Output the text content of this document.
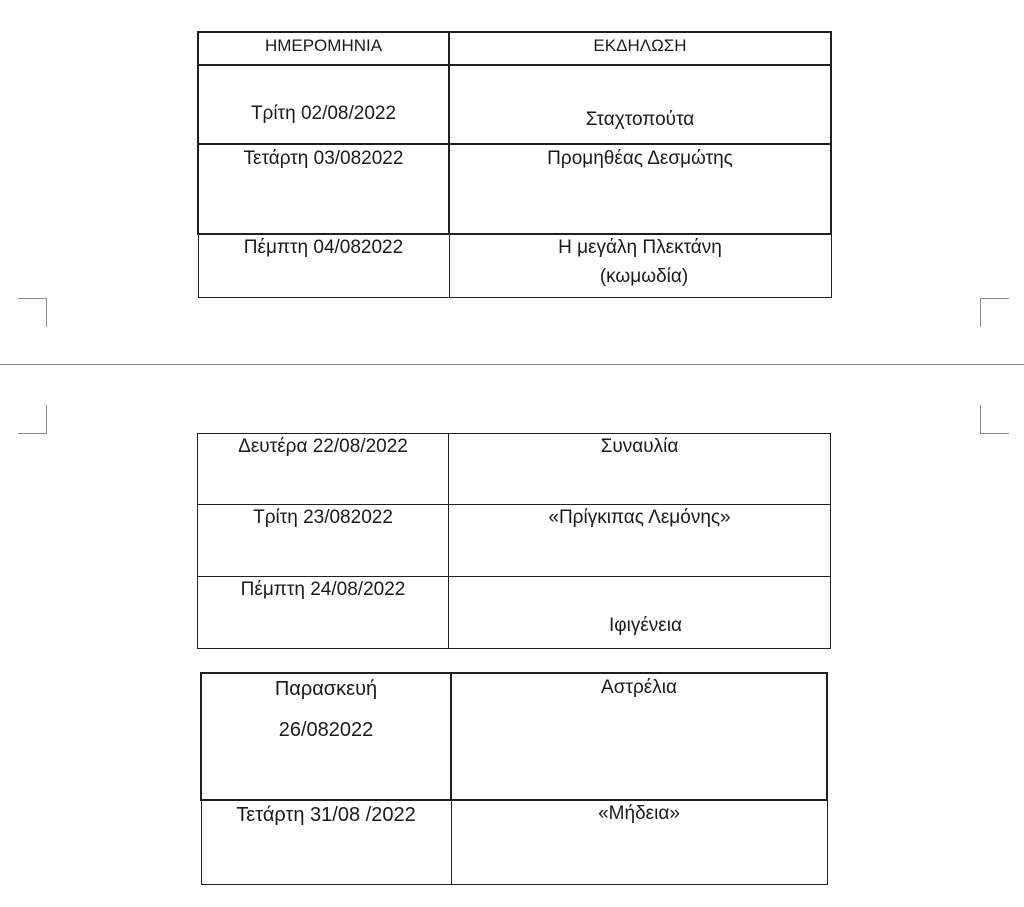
ΗΜΕΡΟΜΗΝΙΑ	ΕΚΔΗΛΩΣΗ

Τρίτη 02/08/2022	Σταχτοπούτα

Τετάρτη 03/082022	Προμηθέας Δεσμώτης

Πέμπτη 04/082022	Η μεγάλη Πλεκτάνη
(κωμωδία)
Δευτέρα 22/08/2022	Συναυλία

Τρίτη 23/082022	«Πρίγκιπας Λεμόνης»

Πέμπτη 24/08/2022	Ιφιγένεια
Παρασκευή
26/082022	Αστρέλια

Τετάρτη 31/08 /2022	«Μήδεια»
